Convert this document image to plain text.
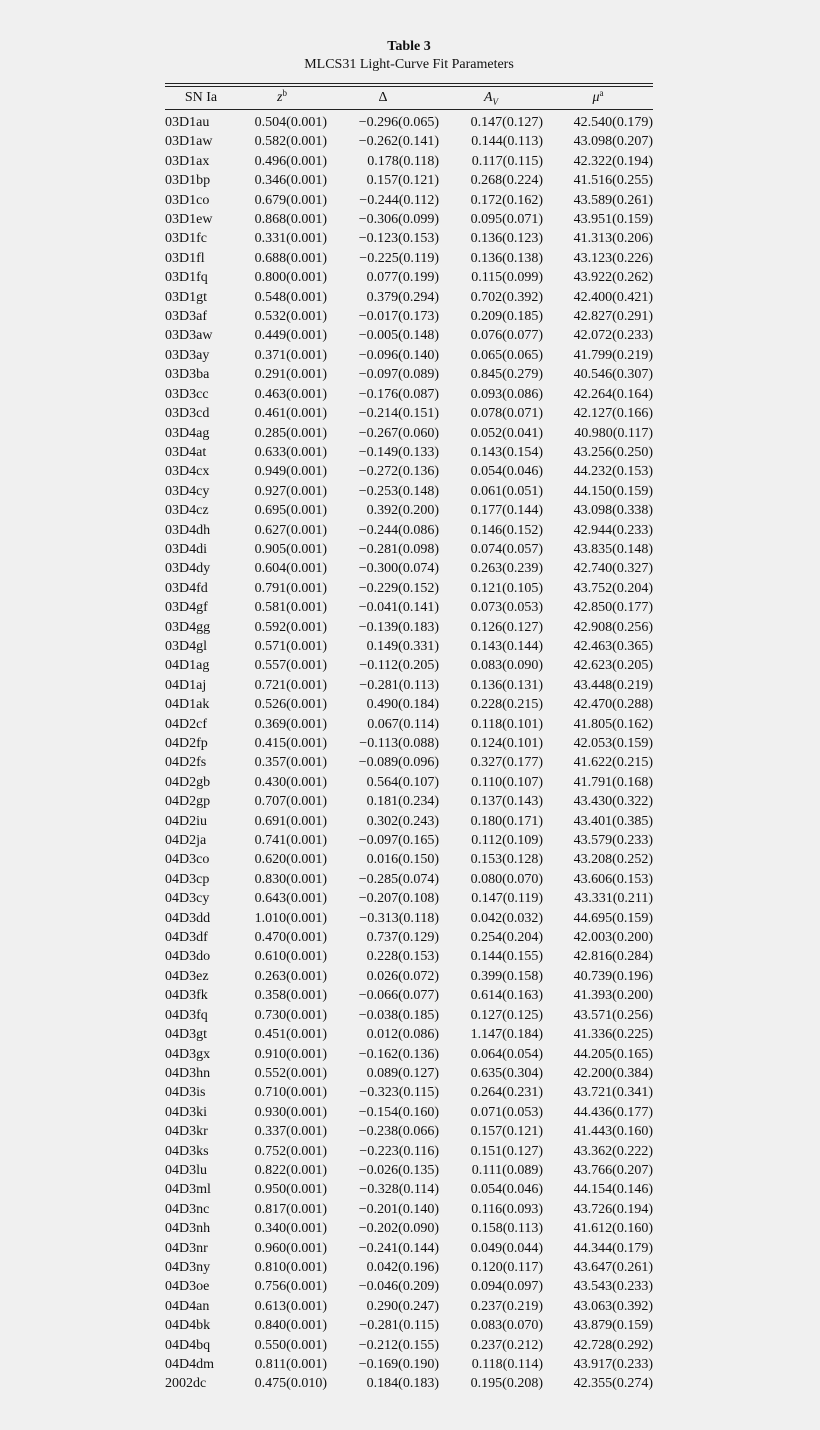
Table 3
MLCS31 Light-Curve Fit Parameters
SN Ia	$z^b$	Δ	$A_V$	$\mu^a$

03D1au	0.504(0.001)	−0.296(0.065)	0.147(0.127)	42.540(0.179)
03D1aw	0.582(0.001)	−0.262(0.141)	0.144(0.113)	43.098(0.207)
03D1ax	0.496(0.001)	0.178(0.118)	0.117(0.115)	42.322(0.194)
03D1bp	0.346(0.001)	0.157(0.121)	0.268(0.224)	41.516(0.255)
03D1co	0.679(0.001)	−0.244(0.112)	0.172(0.162)	43.589(0.261)
03D1ew	0.868(0.001)	−0.306(0.099)	0.095(0.071)	43.951(0.159)
03D1fc	0.331(0.001)	−0.123(0.153)	0.136(0.123)	41.313(0.206)
03D1fl	0.688(0.001)	−0.225(0.119)	0.136(0.138)	43.123(0.226)
03D1fq	0.800(0.001)	0.077(0.199)	0.115(0.099)	43.922(0.262)
03D1gt	0.548(0.001)	0.379(0.294)	0.702(0.392)	42.400(0.421)
03D3af	0.532(0.001)	−0.017(0.173)	0.209(0.185)	42.827(0.291)
03D3aw	0.449(0.001)	−0.005(0.148)	0.076(0.077)	42.072(0.233)
03D3ay	0.371(0.001)	−0.096(0.140)	0.065(0.065)	41.799(0.219)
03D3ba	0.291(0.001)	−0.097(0.089)	0.845(0.279)	40.546(0.307)
03D3cc	0.463(0.001)	−0.176(0.087)	0.093(0.086)	42.264(0.164)
03D3cd	0.461(0.001)	−0.214(0.151)	0.078(0.071)	42.127(0.166)
03D4ag	0.285(0.001)	−0.267(0.060)	0.052(0.041)	40.980(0.117)
03D4at	0.633(0.001)	−0.149(0.133)	0.143(0.154)	43.256(0.250)
03D4cx	0.949(0.001)	−0.272(0.136)	0.054(0.046)	44.232(0.153)
03D4cy	0.927(0.001)	−0.253(0.148)	0.061(0.051)	44.150(0.159)
03D4cz	0.695(0.001)	0.392(0.200)	0.177(0.144)	43.098(0.338)
03D4dh	0.627(0.001)	−0.244(0.086)	0.146(0.152)	42.944(0.233)
03D4di	0.905(0.001)	−0.281(0.098)	0.074(0.057)	43.835(0.148)
03D4dy	0.604(0.001)	−0.300(0.074)	0.263(0.239)	42.740(0.327)
03D4fd	0.791(0.001)	−0.229(0.152)	0.121(0.105)	43.752(0.204)
03D4gf	0.581(0.001)	−0.041(0.141)	0.073(0.053)	42.850(0.177)
03D4gg	0.592(0.001)	−0.139(0.183)	0.126(0.127)	42.908(0.256)
03D4gl	0.571(0.001)	0.149(0.331)	0.143(0.144)	42.463(0.365)
04D1ag	0.557(0.001)	−0.112(0.205)	0.083(0.090)	42.623(0.205)
04D1aj	0.721(0.001)	−0.281(0.113)	0.136(0.131)	43.448(0.219)
04D1ak	0.526(0.001)	0.490(0.184)	0.228(0.215)	42.470(0.288)
04D2cf	0.369(0.001)	0.067(0.114)	0.118(0.101)	41.805(0.162)
04D2fp	0.415(0.001)	−0.113(0.088)	0.124(0.101)	42.053(0.159)
04D2fs	0.357(0.001)	−0.089(0.096)	0.327(0.177)	41.622(0.215)
04D2gb	0.430(0.001)	0.564(0.107)	0.110(0.107)	41.791(0.168)
04D2gp	0.707(0.001)	0.181(0.234)	0.137(0.143)	43.430(0.322)
04D2iu	0.691(0.001)	0.302(0.243)	0.180(0.171)	43.401(0.385)
04D2ja	0.741(0.001)	−0.097(0.165)	0.112(0.109)	43.579(0.233)
04D3co	0.620(0.001)	0.016(0.150)	0.153(0.128)	43.208(0.252)
04D3cp	0.830(0.001)	−0.285(0.074)	0.080(0.070)	43.606(0.153)
04D3cy	0.643(0.001)	−0.207(0.108)	0.147(0.119)	43.331(0.211)
04D3dd	1.010(0.001)	−0.313(0.118)	0.042(0.032)	44.695(0.159)
04D3df	0.470(0.001)	0.737(0.129)	0.254(0.204)	42.003(0.200)
04D3do	0.610(0.001)	0.228(0.153)	0.144(0.155)	42.816(0.284)
04D3ez	0.263(0.001)	0.026(0.072)	0.399(0.158)	40.739(0.196)
04D3fk	0.358(0.001)	−0.066(0.077)	0.614(0.163)	41.393(0.200)
04D3fq	0.730(0.001)	−0.038(0.185)	0.127(0.125)	43.571(0.256)
04D3gt	0.451(0.001)	0.012(0.086)	1.147(0.184)	41.336(0.225)
04D3gx	0.910(0.001)	−0.162(0.136)	0.064(0.054)	44.205(0.165)
04D3hn	0.552(0.001)	0.089(0.127)	0.635(0.304)	42.200(0.384)
04D3is	0.710(0.001)	−0.323(0.115)	0.264(0.231)	43.721(0.341)
04D3ki	0.930(0.001)	−0.154(0.160)	0.071(0.053)	44.436(0.177)
04D3kr	0.337(0.001)	−0.238(0.066)	0.157(0.121)	41.443(0.160)
04D3ks	0.752(0.001)	−0.223(0.116)	0.151(0.127)	43.362(0.222)
04D3lu	0.822(0.001)	−0.026(0.135)	0.111(0.089)	43.766(0.207)
04D3ml	0.950(0.001)	−0.328(0.114)	0.054(0.046)	44.154(0.146)
04D3nc	0.817(0.001)	−0.201(0.140)	0.116(0.093)	43.726(0.194)
04D3nh	0.340(0.001)	−0.202(0.090)	0.158(0.113)	41.612(0.160)
04D3nr	0.960(0.001)	−0.241(0.144)	0.049(0.044)	44.344(0.179)
04D3ny	0.810(0.001)	0.042(0.196)	0.120(0.117)	43.647(0.261)
04D3oe	0.756(0.001)	−0.046(0.209)	0.094(0.097)	43.543(0.233)
04D4an	0.613(0.001)	0.290(0.247)	0.237(0.219)	43.063(0.392)
04D4bk	0.840(0.001)	−0.281(0.115)	0.083(0.070)	43.879(0.159)
04D4bq	0.550(0.001)	−0.212(0.155)	0.237(0.212)	42.728(0.292)
04D4dm	0.811(0.001)	−0.169(0.190)	0.118(0.114)	43.917(0.233)
2002dc	0.475(0.010)	0.184(0.183)	0.195(0.208)	42.355(0.274)
